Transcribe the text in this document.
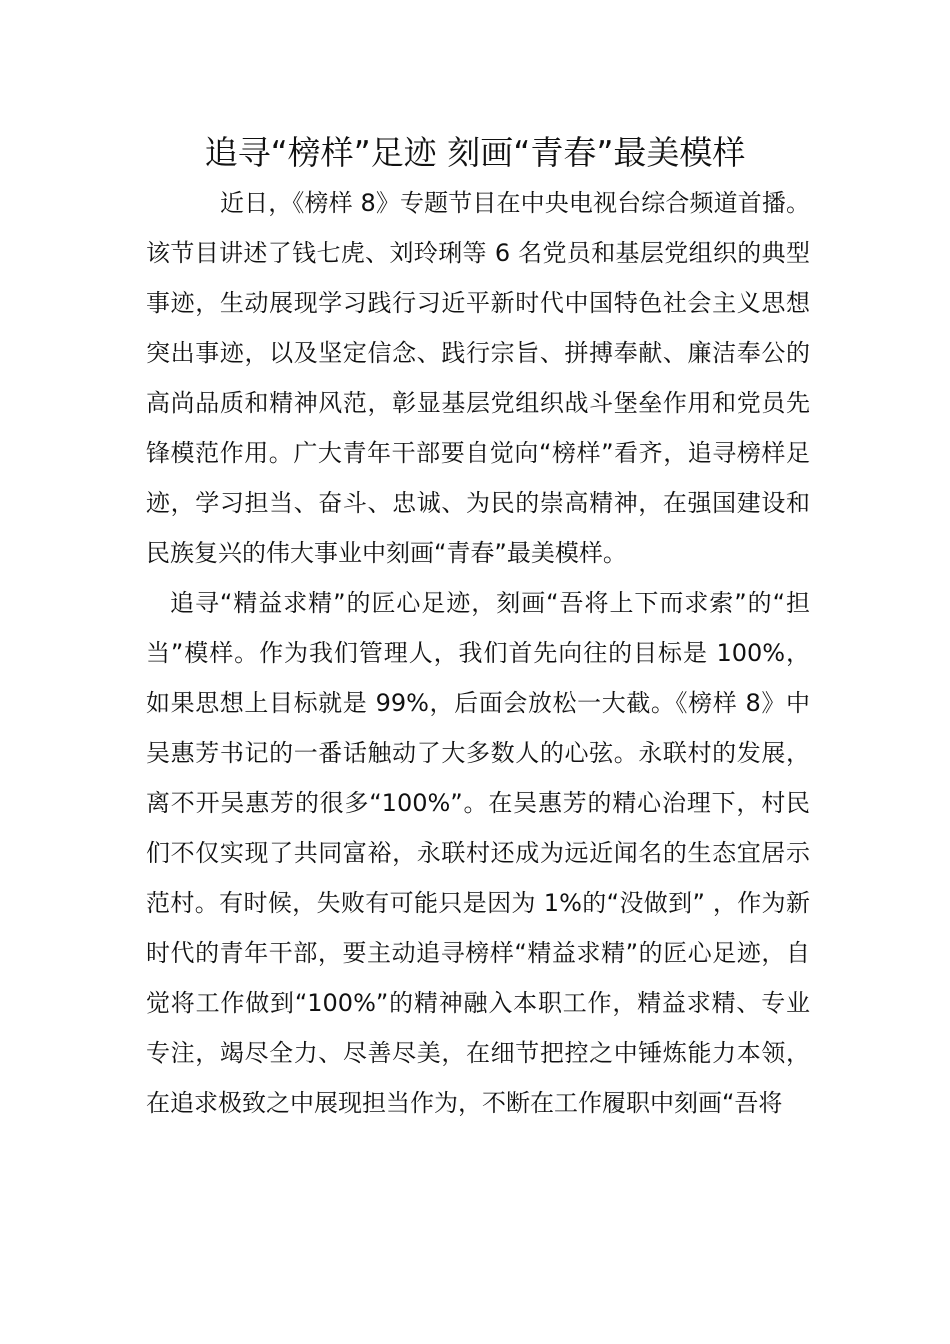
追寻“榜样”足迹 刻画“青春”最美模样

近日，《榜样 8》专题节目在中央电视台综合频道首播。该节目讲述了钱七虎、刘玲琍等 6 名党员和基层党组织的典型事迹，生动展现学习践行习近平新时代中国特色社会主义思想突出事迹，以及坚定信念、践行宗旨、拼搏奉献、廉洁奉公的高尚品质和精神风范，彰显基层党组织战斗堡垒作用和党员先锋模范作用。广大青年干部要自觉向“榜样”看齐，追寻榜样足迹，学习担当、奋斗、忠诚、为民的崇高精神，在强国建设和民族复兴的伟大事业中刻画“青春”最美模样。

追寻“精益求精”的匠心足迹，刻画“吾将上下而求索”的“担当”模样。作为我们管理人，我们首先向往的目标是 100%，如果思想上目标就是 99%，后面会放松一大截。《榜样 8》中吴惠芳书记的一番话触动了大多数人的心弦。永联村的发展，离不开吴惠芳的很多“100%”。在吴惠芳的精心治理下，村民们不仅实现了共同富裕，永联村还成为远近闻名的生态宜居示范村。有时候，失败有可能只是因为 1%的“没做到” ，作为新时代的青年干部，要主动追寻榜样“精益求精”的匠心足迹，自觉将工作做到“100%”的精神融入本职工作，精益求精、专业专注，竭尽全力、尽善尽美，在细节把控之中锤炼能力本领，在追求极致之中展现担当作为，不断在工作履职中刻画“吾将
